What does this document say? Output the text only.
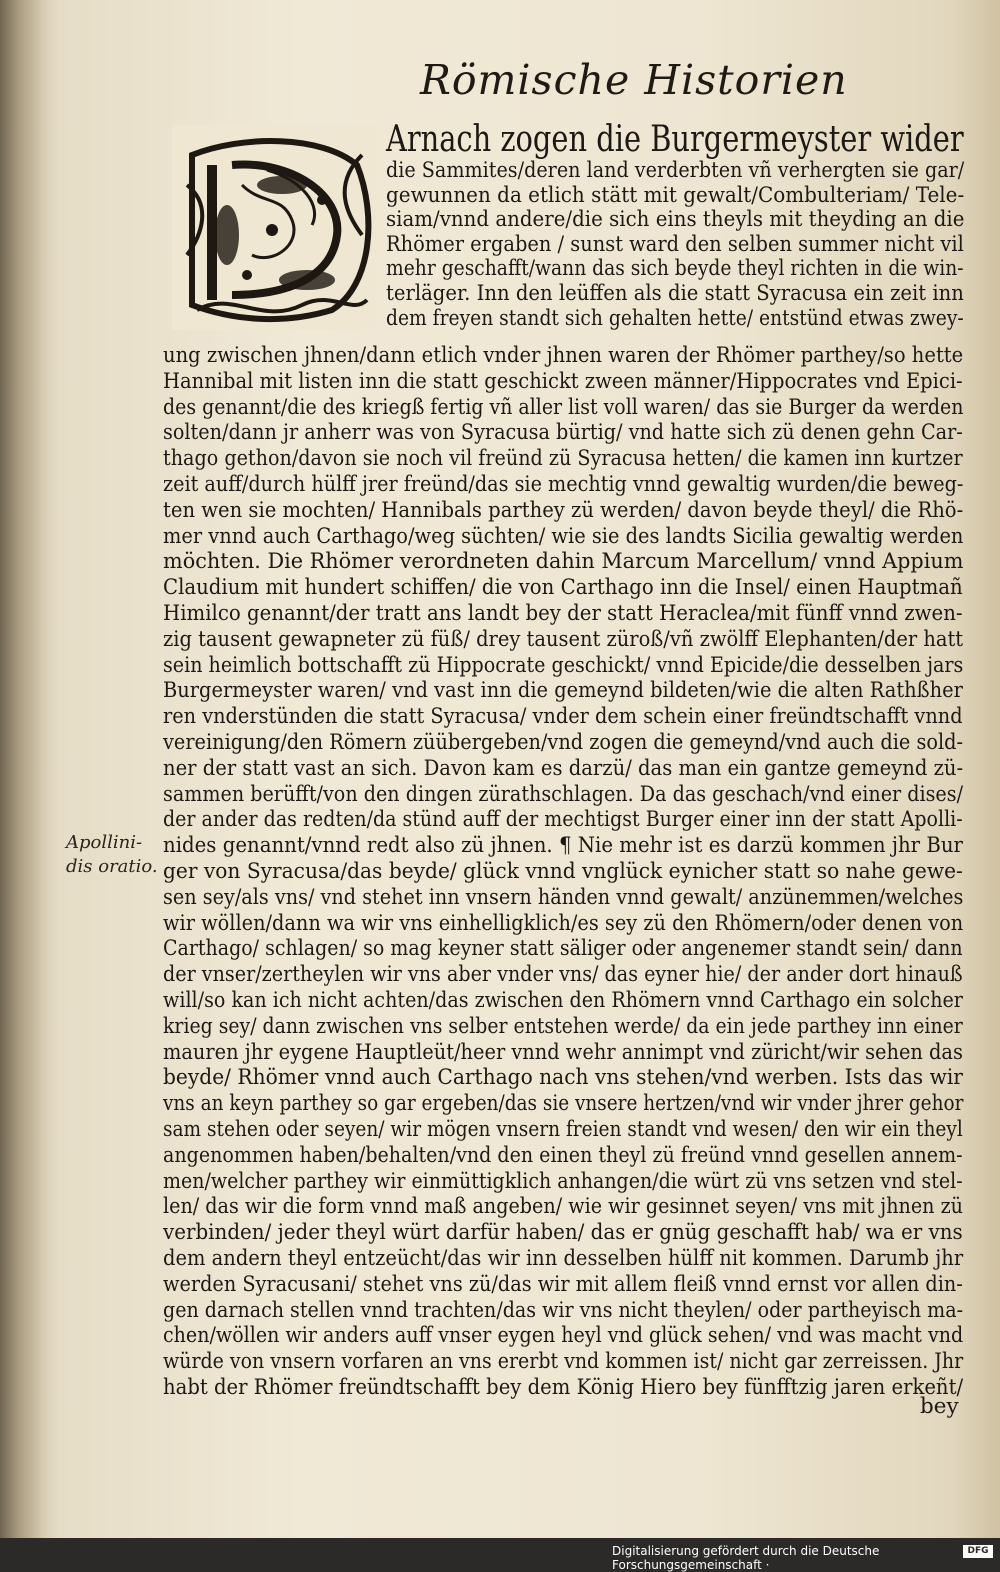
Römische Historien
Arnach zogen die Burgermeyster wider
die Sammites/deren land verderbten vñ verhergten sie gar/
gewunnen da etlich stätt mit gewalt/Combulteriam/ Tele-
siam/vnnd andere/die sich eins theyls mit theyding an die
Rhömer ergaben / sunst ward den selben summer nicht vil
mehr geschafft/wann das sich beyde theyl richten in die win-
terläger. Inn den leüffen als die statt Syracusa ein zeit inn
dem freyen standt sich gehalten hette/ entstünd etwas zwey-
ung zwischen jhnen/dann etlich vnder jhnen waren der Rhömer parthey/so hette
Hannibal mit listen inn die statt geschickt zween männer/Hippocrates vnd Epici-
des genannt/die des kriegß fertig vñ aller list voll waren/ das sie Burger da werden
solten/dann jr anherr was von Syracusa bürtig/ vnd hatte sich zü denen gehn Car-
thago gethon/davon sie noch vil freünd zü Syracusa hetten/ die kamen inn kurtzer
zeit auff/durch hülff jrer freünd/das sie mechtig vnnd gewaltig wurden/die beweg-
ten wen sie mochten/ Hannibals parthey zü werden/ davon beyde theyl/ die Rhö-
mer vnnd auch Carthago/weg süchten/ wie sie des landts Sicilia gewaltig werden
möchten. Die Rhömer verordneten dahin Marcum Marcellum/ vnnd Appium
Claudium mit hundert schiffen/ die von Carthago inn die Insel/ einen Hauptmañ
Himilco genannt/der tratt ans landt bey der statt Heraclea/mit fünff vnnd zwen-
zig tausent gewapneter zü füß/ drey tausent züroß/vñ zwölff Elephanten/der hatt
sein heimlich bottschafft zü Hippocrate geschickt/ vnnd Epicide/die desselben jars
Burgermeyster waren/ vnd vast inn die gemeynd bildeten/wie die alten Rathßher
ren vnderstünden die statt Syracusa/ vnder dem schein einer freündtschafft vnnd
vereinigung/den Römern züübergeben/vnd zogen die gemeynd/vnd auch die sold-
ner der statt vast an sich. Davon kam es darzü/ das man ein gantze gemeynd zü-
sammen berüfft/von den dingen zürathschlagen. Da das geschach/vnd einer dises/
der ander das redten/da stünd auff der mechtigst Burger einer inn der statt Apolli-
nides genannt/vnnd redt also zü jhnen. ¶ Nie mehr ist es darzü kommen jhr Bur
ger von Syracusa/das beyde/ glück vnnd vnglück eynicher statt so nahe gewe-
sen sey/als vns/ vnd stehet inn vnsern händen vnnd gewalt/ anzünemmen/welches
wir wöllen/dann wa wir vns einhelligklich/es sey zü den Rhömern/oder denen von
Carthago/ schlagen/ so mag keyner statt säliger oder angenemer standt sein/ dann
der vnser/zertheylen wir vns aber vnder vns/ das eyner hie/ der ander dort hinauß
will/so kan ich nicht achten/das zwischen den Rhömern vnnd Carthago ein solcher
krieg sey/ dann zwischen vns selber entstehen werde/ da ein jede parthey inn einer
mauren jhr eygene Hauptleüt/heer vnnd wehr annimpt vnd züricht/wir sehen das
beyde/ Rhömer vnnd auch Carthago nach vns stehen/vnd werben. Ists das wir
vns an keyn parthey so gar ergeben/das sie vnsere hertzen/vnd wir vnder jhrer gehor
sam stehen oder seyen/ wir mögen vnsern freien standt vnd wesen/ den wir ein theyl
angenommen haben/behalten/vnd den einen theyl zü freünd vnnd gesellen annem-
men/welcher parthey wir einmüttigklich anhangen/die würt zü vns setzen vnd stel-
len/ das wir die form vnnd maß angeben/ wie wir gesinnet seyen/ vns mit jhnen zü
verbinden/ jeder theyl würt darfür haben/ das er gnüg geschafft hab/ wa er vns
dem andern theyl entzeücht/das wir inn desselben hülff nit kommen. Darumb jhr
werden Syracusani/ stehet vns zü/das wir mit allem fleiß vnnd ernst vor allen din-
gen darnach stellen vnnd trachten/das wir vns nicht theylen/ oder partheyisch ma-
chen/wöllen wir anders auff vnser eygen heyl vnd glück sehen/ vnd was macht vnd
würde von vnsern vorfaren an vns ererbt vnd kommen ist/ nicht gar zerreissen. Jhr
habt der Rhömer freündtschafft bey dem König Hiero bey fünfftzig jaren erkeñt/
Apollini-
dis oratio.
bey
Digitalisierung gefördert durch die Deutsche Forschungsgemeinschaft ·
DFG
